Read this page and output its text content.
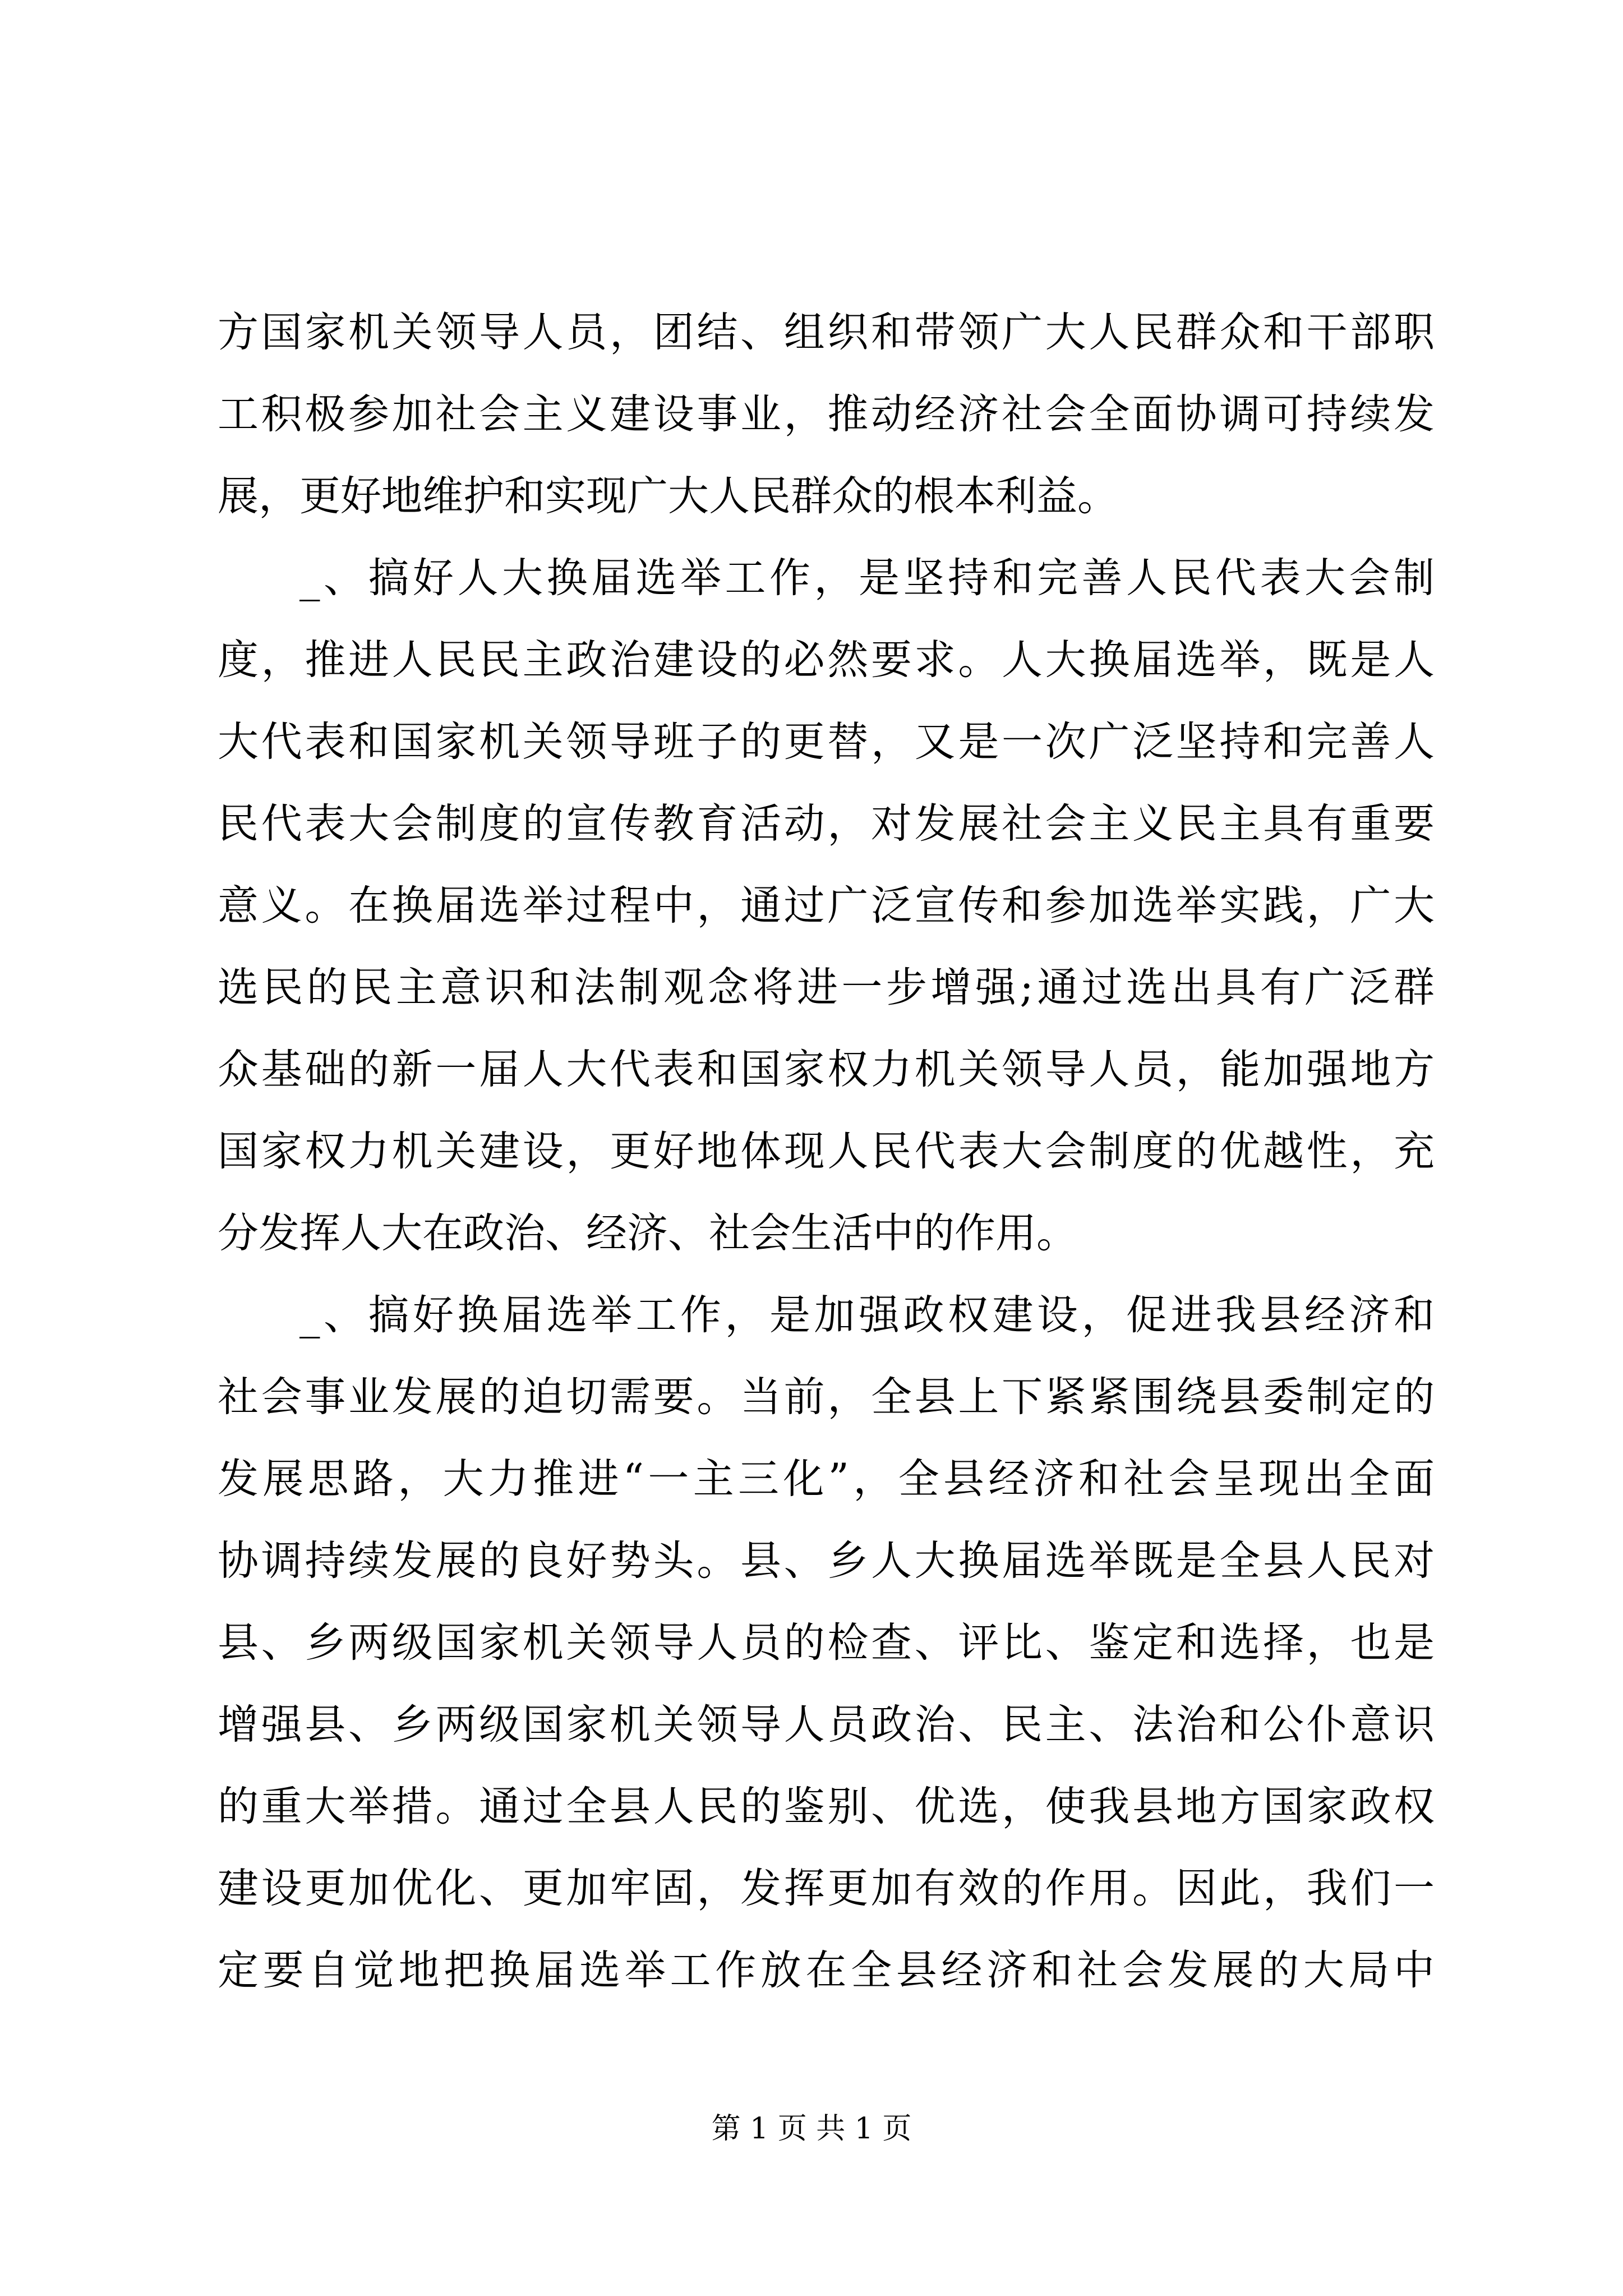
方国家机关领导人员，团结、组织和带领广大人民群众和干部职
工积极参加社会主义建设事业，推动经济社会全面协调可持续发
展，更好地维护和实现广大人民群众的根本利益。
_、搞好人大换届选举工作，是坚持和完善人民代表大会制
度，推进人民民主政治建设的必然要求。人大换届选举，既是人
大代表和国家机关领导班子的更替，又是一次广泛坚持和完善人
民代表大会制度的宣传教育活动，对发展社会主义民主具有重要
意义。在换届选举过程中，通过广泛宣传和参加选举实践，广大
选民的民主意识和法制观念将进一步增强;通过选出具有广泛群
众基础的新一届人大代表和国家权力机关领导人员，能加强地方
国家权力机关建设，更好地体现人民代表大会制度的优越性，充
分发挥人大在政治、经济、社会生活中的作用。
_、搞好换届选举工作，是加强政权建设，促进我县经济和
社会事业发展的迫切需要。当前，全县上下紧紧围绕县委制定的
发展思路，大力推进“一主三化”，全县经济和社会呈现出全面
协调持续发展的良好势头。县、乡人大换届选举既是全县人民对
县、乡两级国家机关领导人员的检查、评比、鉴定和选择，也是
增强县、乡两级国家机关领导人员政治、民主、法治和公仆意识
的重大举措。通过全县人民的鉴别、优选，使我县地方国家政权
建设更加优化、更加牢固，发挥更加有效的作用。因此，我们一
定要自觉地把换届选举工作放在全县经济和社会发展的大局中
第 1 页 共 1 页
